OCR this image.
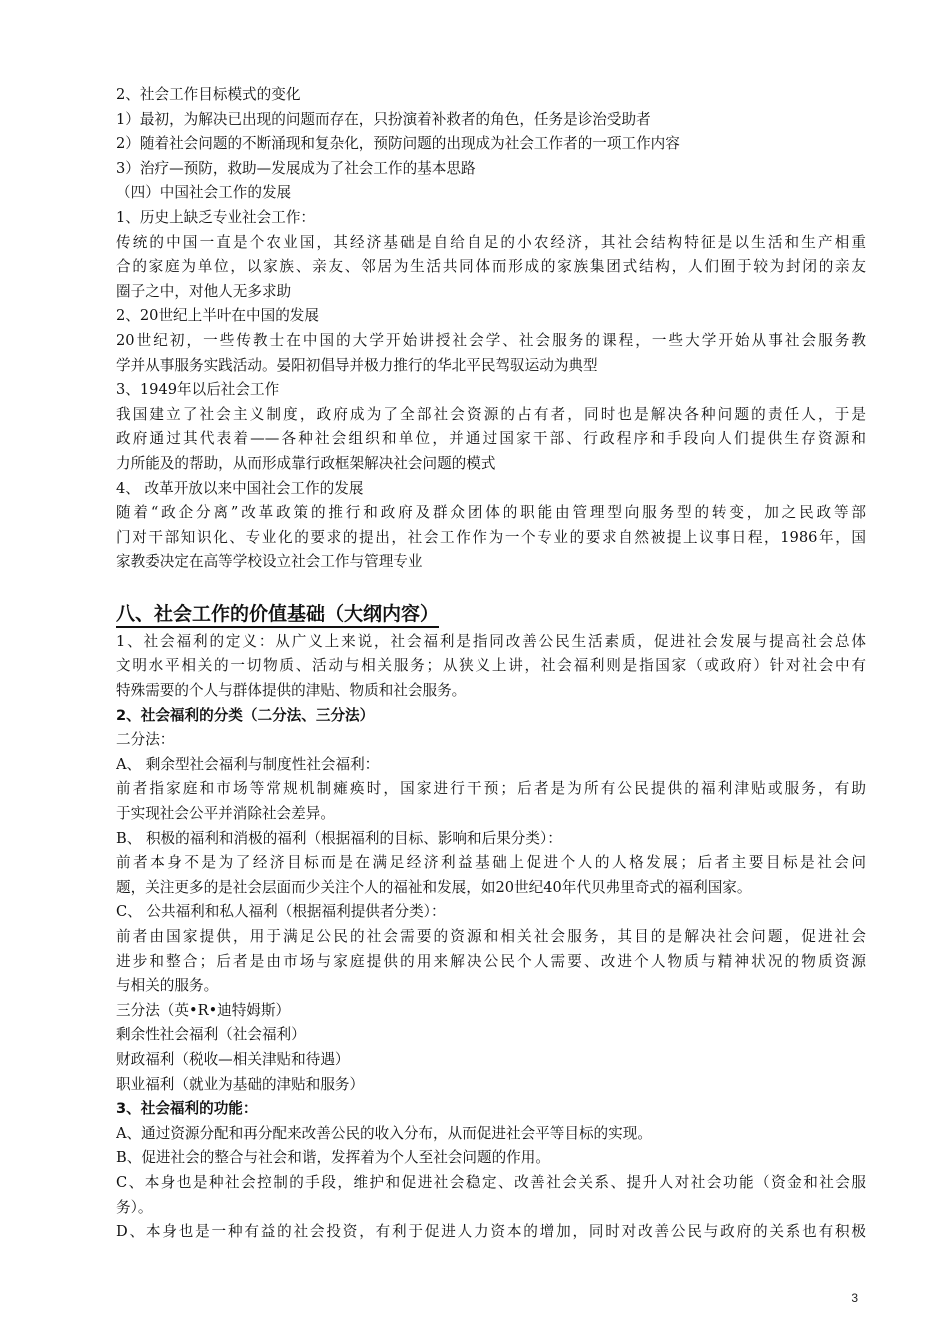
2、社会工作目标模式的变化
1）最初，为解决已出现的问题而存在，只扮演着补救者的角色，任务是诊治受助者
2）随着社会问题的不断涌现和复杂化，预防问题的出现成为社会工作者的一项工作内容
3）治疗—预防，救助—发展成为了社会工作的基本思路
（四）中国社会工作的发展
1、历史上缺乏专业社会工作：
传统的中国一直是个农业国，其经济基础是自给自足的小农经济，其社会结构特征是以生活和生产相重
合的家庭为单位，以家族、亲友、邻居为生活共同体而形成的家族集团式结构，人们囿于较为封闭的亲友
圈子之中，对他人无多求助
2、20世纪上半叶在中国的发展
20世纪初，一些传教士在中国的大学开始讲授社会学、社会服务的课程，一些大学开始从事社会服务教
学并从事服务实践活动。晏阳初倡导并极力推行的华北平民驾驭运动为典型
3、1949年以后社会工作
我国建立了社会主义制度，政府成为了全部社会资源的占有者，同时也是解决各种问题的责任人，于是
政府通过其代表着——各种社会组织和单位，并通过国家干部、行政程序和手段向人们提供生存资源和
力所能及的帮助，从而形成靠行政框架解决社会问题的模式
4、 改革开放以来中国社会工作的发展
随着“政企分离”改革政策的推行和政府及群众团体的职能由管理型向服务型的转变，加之民政等部
门对干部知识化、专业化的要求的提出，社会工作作为一个专业的要求自然被提上议事日程，1986年，国
家教委决定在高等学校设立社会工作与管理专业
八、社会工作的价值基础（大纲内容）
1、社会福利的定义：从广义上来说，社会福利是指同改善公民生活素质，促进社会发展与提高社会总体
文明水平相关的一切物质、活动与相关服务；从狭义上讲，社会福利则是指国家（或政府）针对社会中有
特殊需要的个人与群体提供的津贴、物质和社会服务。
2、社会福利的分类（二分法、三分法）
二分法：
A、 剩余型社会福利与制度性社会福利：
前者指家庭和市场等常规机制瘫痪时，国家进行干预；后者是为所有公民提供的福利津贴或服务，有助
于实现社会公平并消除社会差异。
B、 积极的福利和消极的福利（根据福利的目标、影响和后果分类）：
前者本身不是为了经济目标而是在满足经济利益基础上促进个人的人格发展；后者主要目标是社会问
题，关注更多的是社会层面而少关注个人的福祉和发展，如20世纪40年代贝弗里奇式的福利国家。
C、 公共福利和私人福利（根据福利提供者分类）：
前者由国家提供，用于满足公民的社会需要的资源和相关社会服务，其目的是解决社会问题，促进社会
进步和整合；后者是由市场与家庭提供的用来解决公民个人需要、改进个人物质与精神状况的物质资源
与相关的服务。
三分法（英•R•迪特姆斯）
剩余性社会福利（社会福利）
财政福利（税收—相关津贴和待遇）
职业福利（就业为基础的津贴和服务）
3、社会福利的功能：
A、通过资源分配和再分配来改善公民的收入分布，从而促进社会平等目标的实现。
B、促进社会的整合与社会和谐，发挥着为个人至社会问题的作用。
C、本身也是种社会控制的手段，维护和促进社会稳定、改善社会关系、提升人对社会功能（资金和社会服
务）。
D、本身也是一种有益的社会投资，有利于促进人力资本的增加，同时对改善公民与政府的关系也有积极
3
